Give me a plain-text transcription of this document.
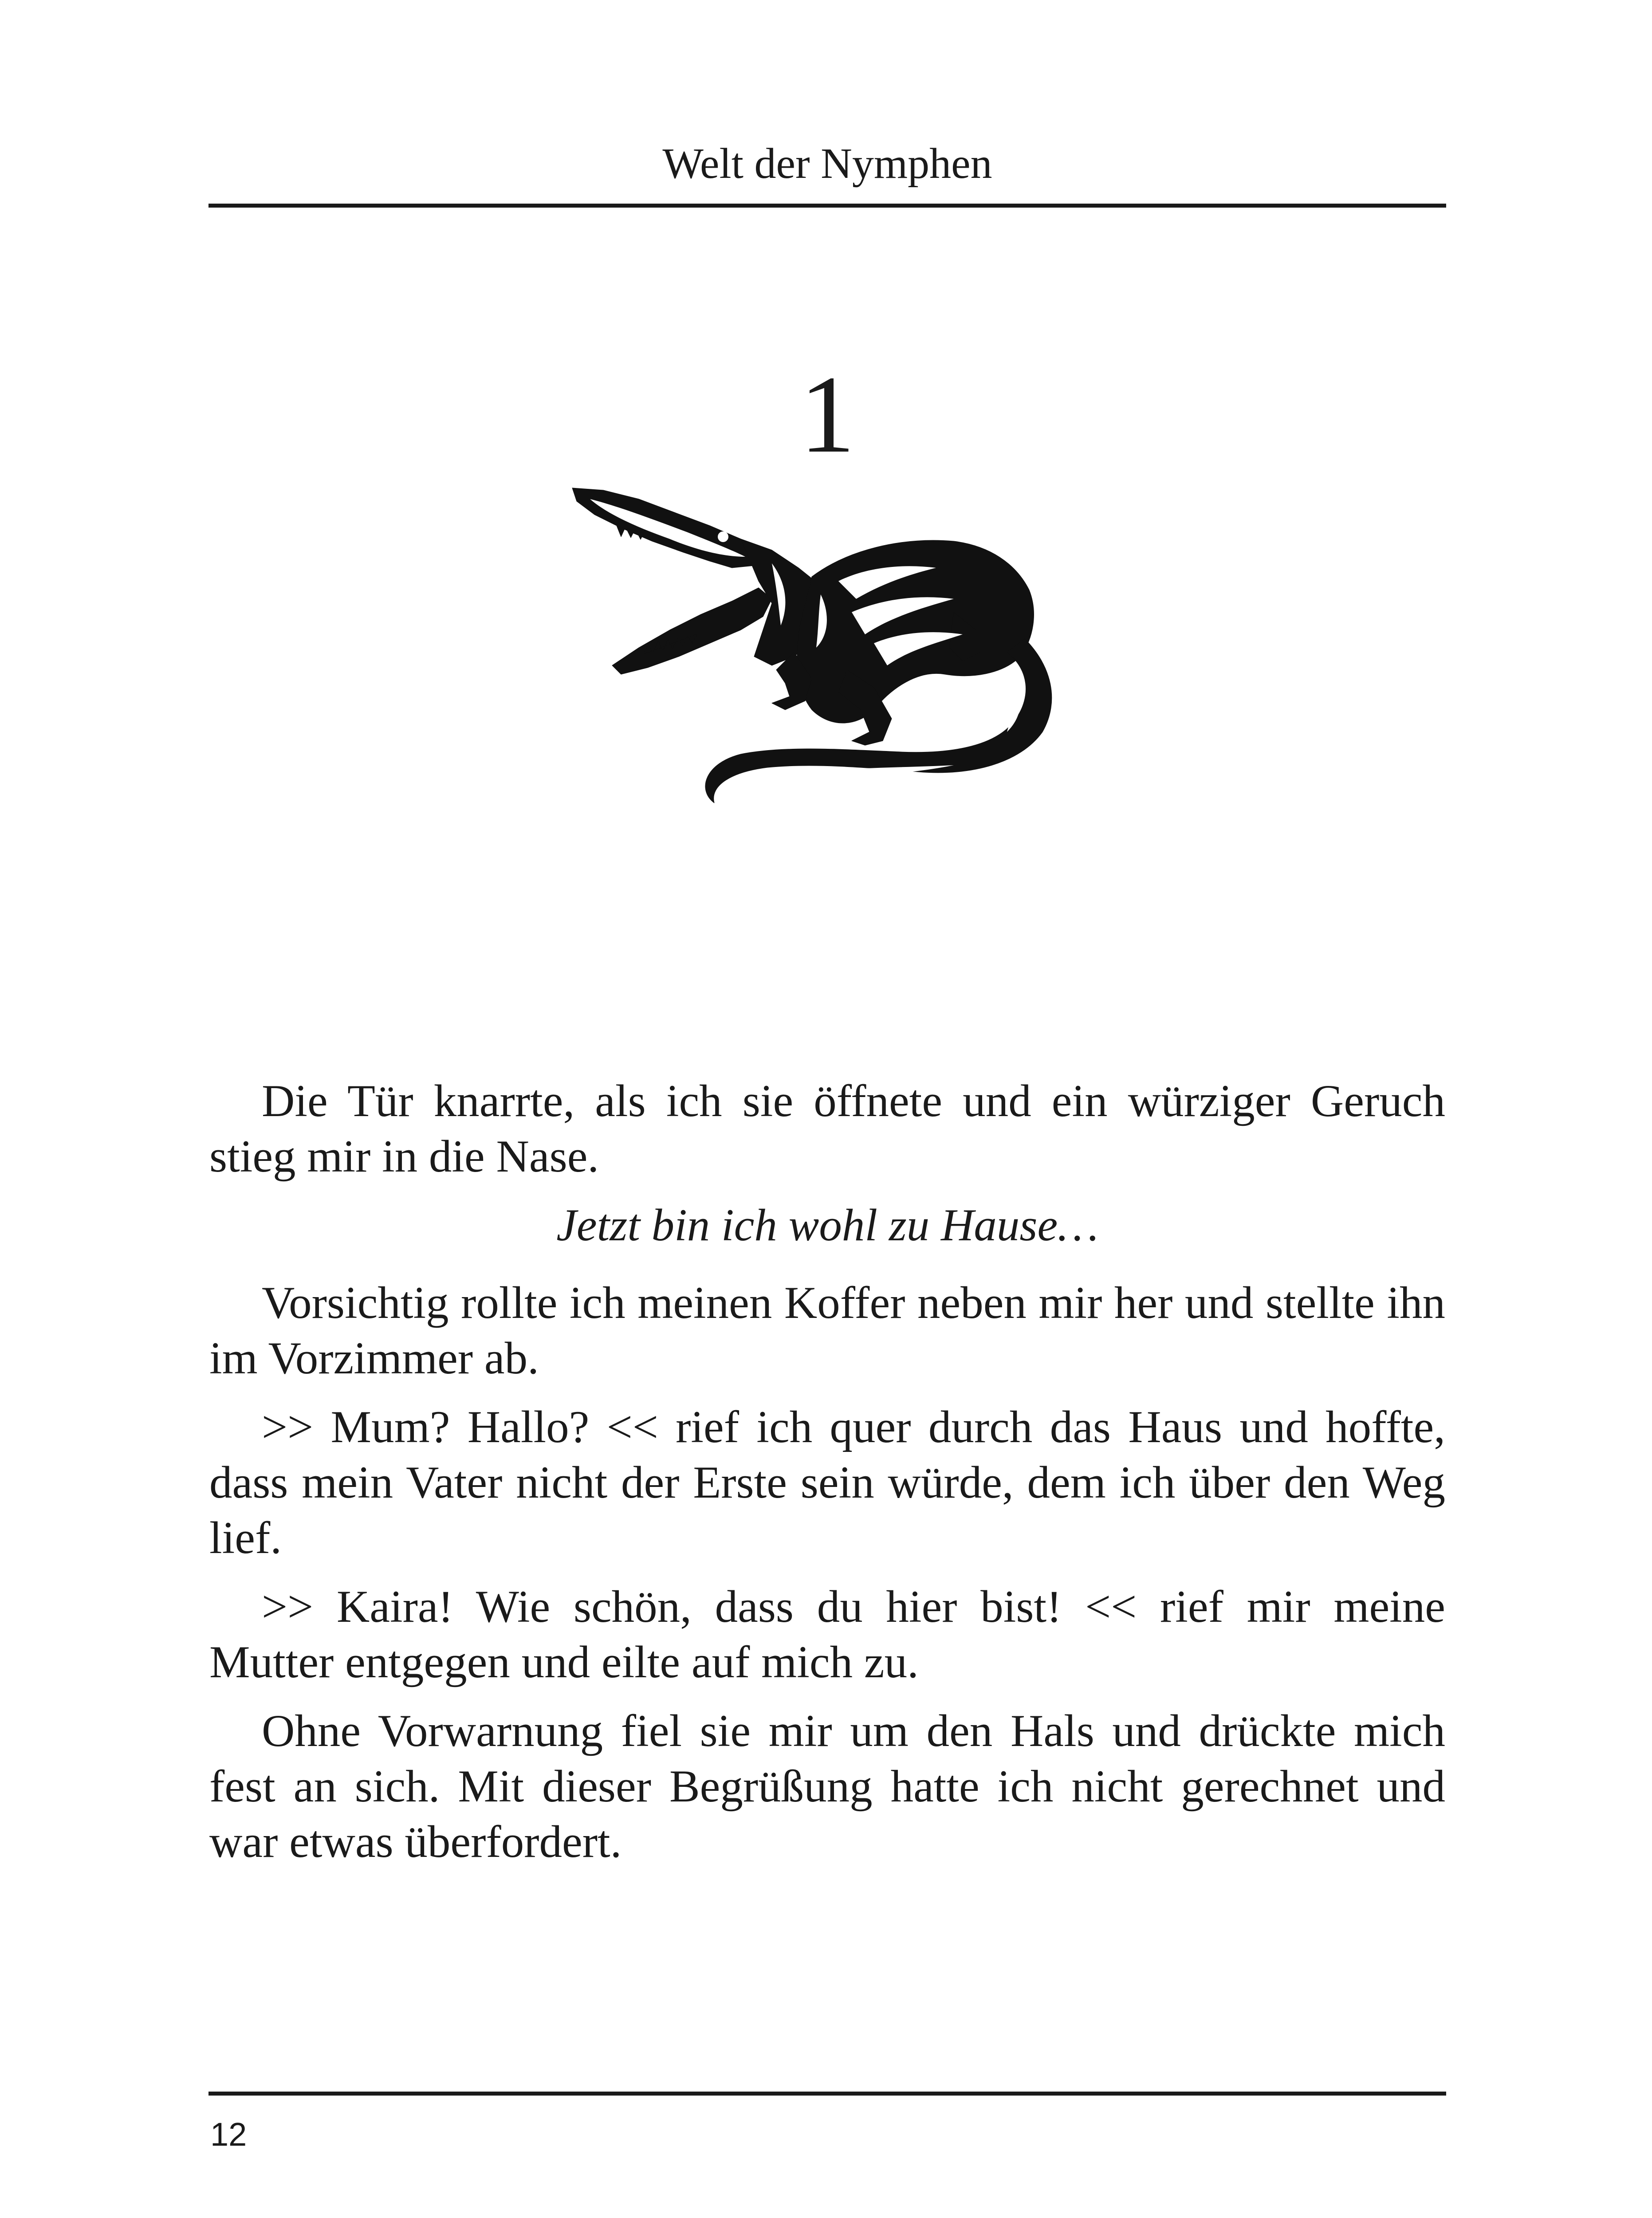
Welt der Nymphen
1

Die Tür knarrte, als ich sie öffnete und ein würziger Geruch stieg mir in die Nase.

Jetzt bin ich wohl zu Hause…

Vorsichtig rollte ich meinen Koffer neben mir her und stellte ihn im Vorzimmer ab.

>> Mum? Hallo? << rief ich quer durch das Haus und hoffte, dass mein Vater nicht der Erste sein würde, dem ich über den Weg lief.

>> Kaira! Wie schön, dass du hier bist! << rief mir meine Mutter entgegen und eilte auf mich zu.

Ohne Vorwarnung fiel sie mir um den Hals und drückte mich fest an sich. Mit dieser Begrüßung hatte ich nicht gerechnet und war etwas überfordert.

12
